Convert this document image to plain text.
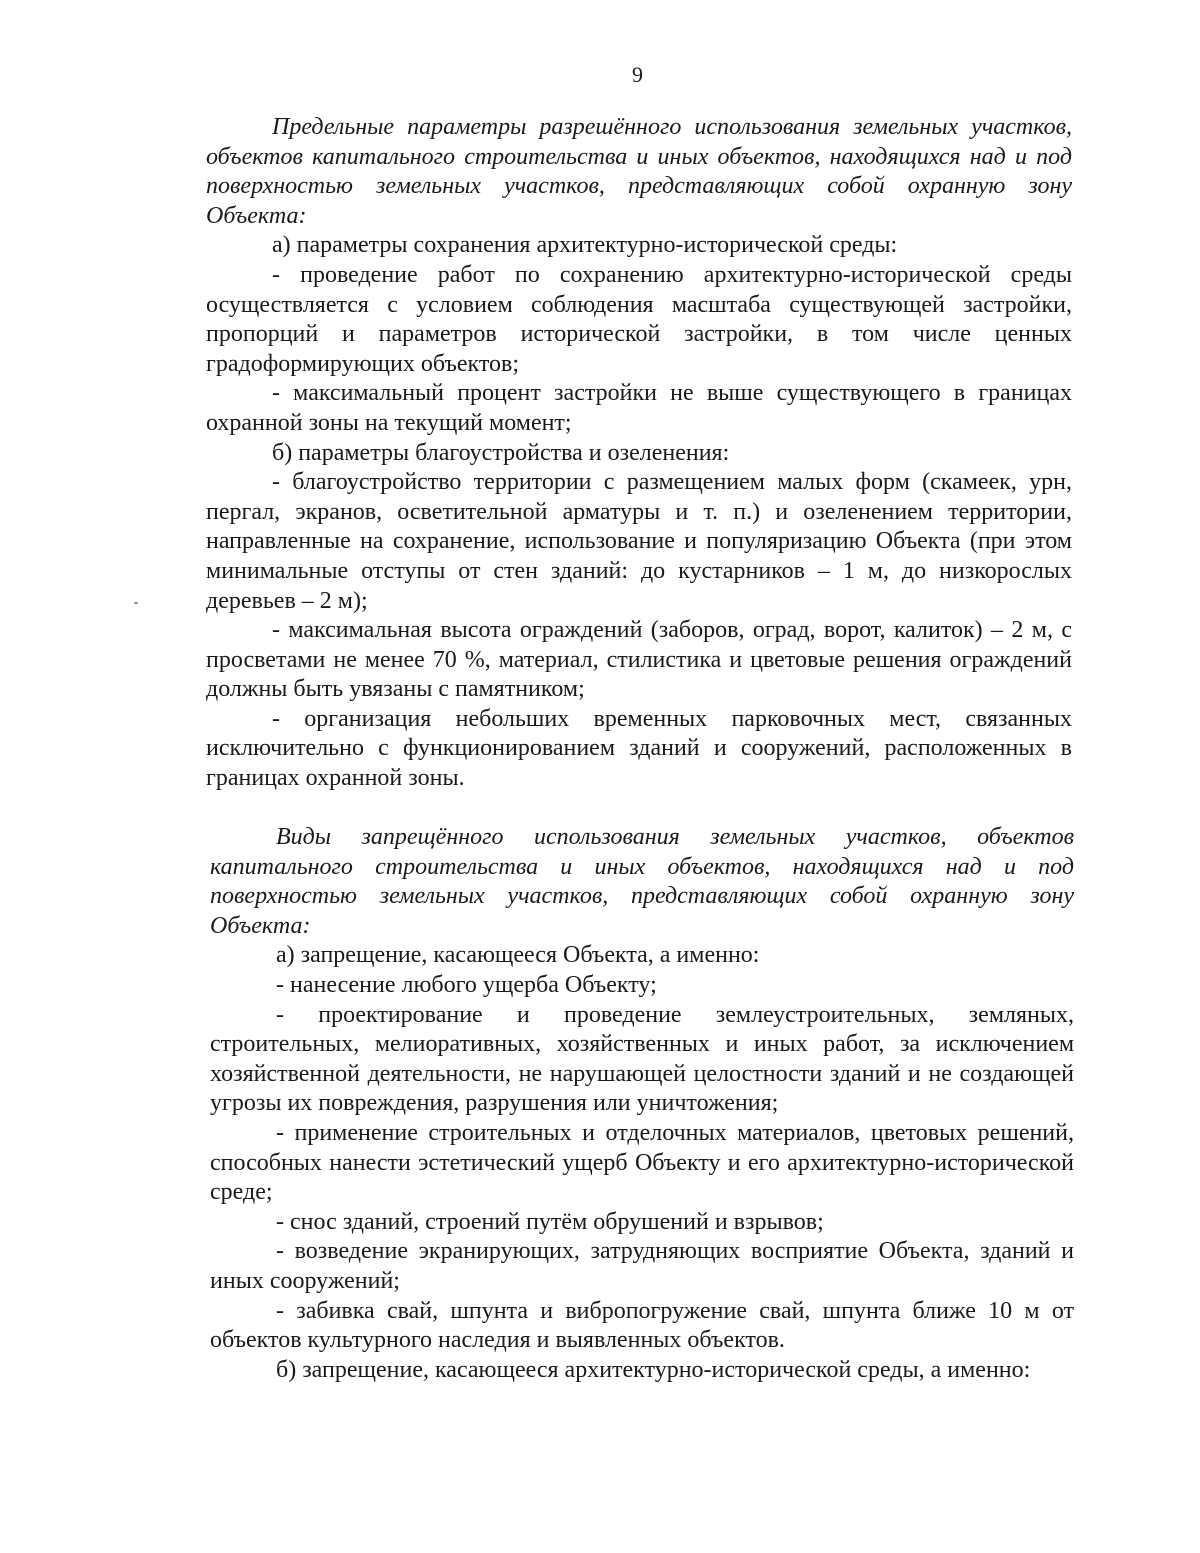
9
Предельные параметры разрешённого использования земельных участков, объектов капитального строительства и иных объектов, находящихся над и под поверхностью земельных участков, представляющих собой охранную зону Объекта:
а) параметры сохранения архитектурно-исторической среды:
- проведение работ по сохранению архитектурно-исторической среды осуществляется с условием соблюдения масштаба существующей застройки, пропорций и параметров исторической застройки, в том числе ценных градоформирующих объектов;
- максимальный процент застройки не выше существующего в границах охранной зоны на текущий момент;
б) параметры благоустройства и озеленения:
- благоустройство территории с размещением малых форм (скамеек, урн, пергал, экранов, осветительной арматуры и т. п.) и озеленением территории, направленные на сохранение, использование и популяризацию Объекта (при этом минимальные отступы от стен зданий: до кустарников – 1 м, до низкорослых деревьев – 2 м);
- максимальная высота ограждений (заборов, оград, ворот, калиток) – 2 м, с просветами не менее 70 %, материал, стилистика и цветовые решения ограждений должны быть увязаны с памятником;
- организация небольших временных парковочных мест, связанных исключительно с функционированием зданий и сооружений, расположенных в границах охранной зоны.
Виды запрещённого использования земельных участков, объектов капитального строительства и иных объектов, находящихся над и под поверхностью земельных участков, представляющих собой охранную зону Объекта:
а) запрещение, касающееся Объекта, а именно:
- нанесение любого ущерба Объекту;
- проектирование и проведение землеустроительных, земляных, строительных, мелиоративных, хозяйственных и иных работ, за исключением хозяйственной деятельности, не нарушающей целостности зданий и не создающей угрозы их повреждения, разрушения или уничтожения;
- применение строительных и отделочных материалов, цветовых решений, способных нанести эстетический ущерб Объекту и его архитектурно-исторической среде;
- снос зданий, строений путём обрушений и взрывов;
- возведение экранирующих, затрудняющих восприятие Объекта, зданий и иных сооружений;
- забивка свай, шпунта и вибропогружение свай, шпунта ближе 10 м от объектов культурного наследия и выявленных объектов.
б) запрещение, касающееся архитектурно-исторической среды, а именно:
